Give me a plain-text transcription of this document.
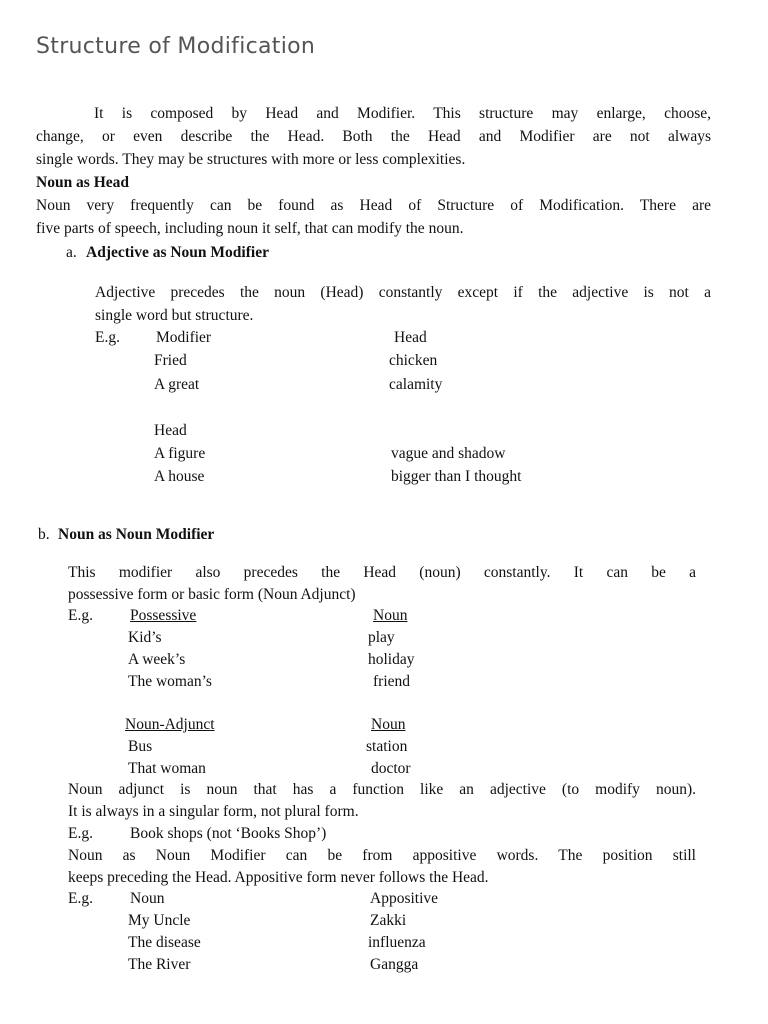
Structure of Modification

It is composed by Head and Modifier. This structure may enlarge, choose,

change, or even describe the Head. Both the Head and Modifier are not always

single words. They may be structures with more or less complexities.

Noun as Head

Noun very frequently can be found as Head of Structure of Modification. There are

five parts of speech, including noun it self, that can modify the noun.

a. Adjective as Noun Modifier

Adjective precedes the noun (Head) constantly except if the adjective is not a

single word but structure.

E.g. Modifier	Head

Fried	chicken

A great	calamity

Head

A figure	vague and shadow

A house	bigger than I thought

b. Noun as Noun Modifier

This modifier also precedes the Head (noun) constantly. It can be a

possessive form or basic form (Noun Adjunct)

E.g. Possessive	Noun

Kid’s	play

A week’s	holiday

The woman’s	friend

Noun-Adjunct	Noun

Bus	station

That woman	doctor

Noun adjunct is noun that has a function like an adjective (to modify noun).

It is always in a singular form, not plural form.

E.g. Book shops (not ‘Books Shop’)

Noun as Noun Modifier can be from appositive words. The position still

keeps preceding the Head. Appositive form never follows the Head.

E.g. Noun	Appositive

My Uncle	Zakki

The disease	influenza

The River	Gangga
